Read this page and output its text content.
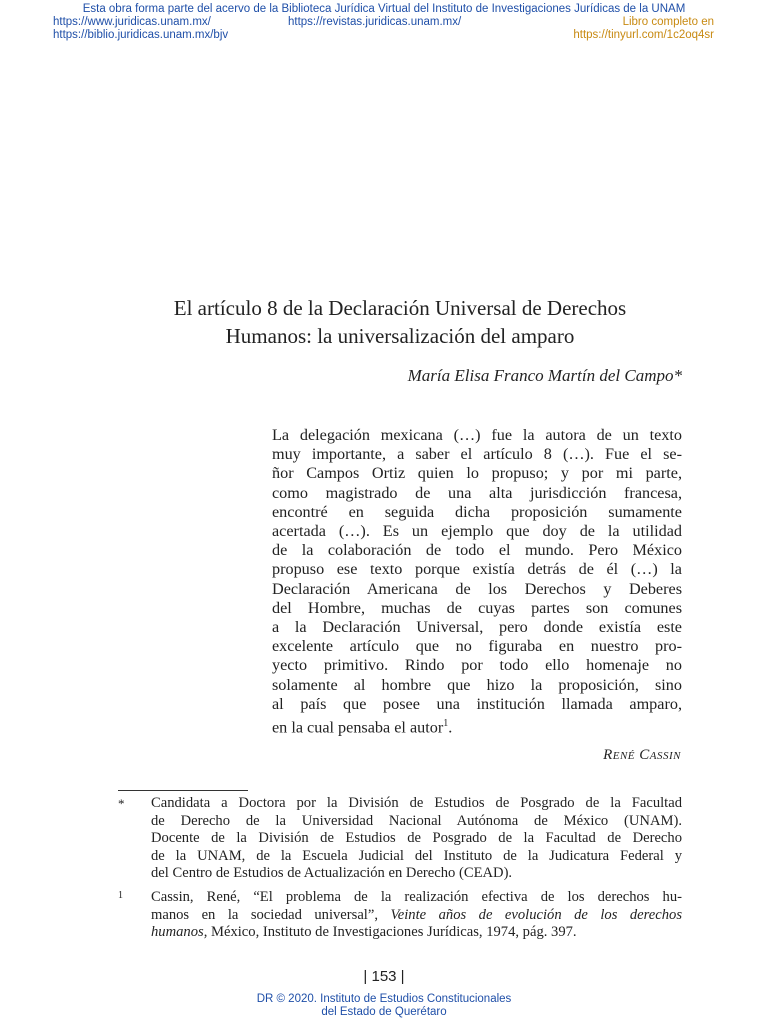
Esta obra forma parte del acervo de la Biblioteca Jurídica Virtual del Instituto de Investigaciones Jurídicas de la UNAM
https://www.juridicas.unam.mx/	https://revistas.juridicas.unam.mx/	Libro completo en
https://biblio.juridicas.unam.mx/bjv	https://tinyurl.com/1c2oq4sr
El artículo 8 de la Declaración Universal de Derechos
Humanos: la universalización del amparo
María Elisa Franco Martín del Campo*
La delegación mexicana (…) fue la autora de un texto
muy importante, a saber el artículo 8 (…). Fue el se-
ñor Campos Ortiz quien lo propuso; y por mi parte,
como magistrado de una alta jurisdicción francesa,
encontré en seguida dicha proposición sumamente
acertada (…). Es un ejemplo que doy de la utilidad
de la colaboración de todo el mundo. Pero México
propuso ese texto porque existía detrás de él (…) la
Declaración Americana de los Derechos y Deberes
del Hombre, muchas de cuyas partes son comunes
a la Declaración Universal, pero donde existía este
excelente artículo que no figuraba en nuestro pro-
yecto primitivo. Rindo por todo ello homenaje no
solamente al hombre que hizo la proposición, sino
al país que posee una institución llamada amparo,
en la cual pensaba el autor$^1$.
René Cassin
* Candidata a Doctora por la División de Estudios de Posgrado de la Facultad
de Derecho de la Universidad Nacional Autónoma de México (UNAM).
Docente de la División de Estudios de Posgrado de la Facultad de Derecho
de la UNAM, de la Escuela Judicial del Instituto de la Judicatura Federal y
del Centro de Estudios de Actualización en Derecho (CEAD).
1 Cassin, René, “El problema de la realización efectiva de los derechos hu-
manos en la sociedad universal”, Veinte años de evolución de los derechos
humanos, México, Instituto de Investigaciones Jurídicas, 1974, pág. 397.
| 153 |
DR © 2020. Instituto de Estudios Constitucionales
del Estado de Querétaro
